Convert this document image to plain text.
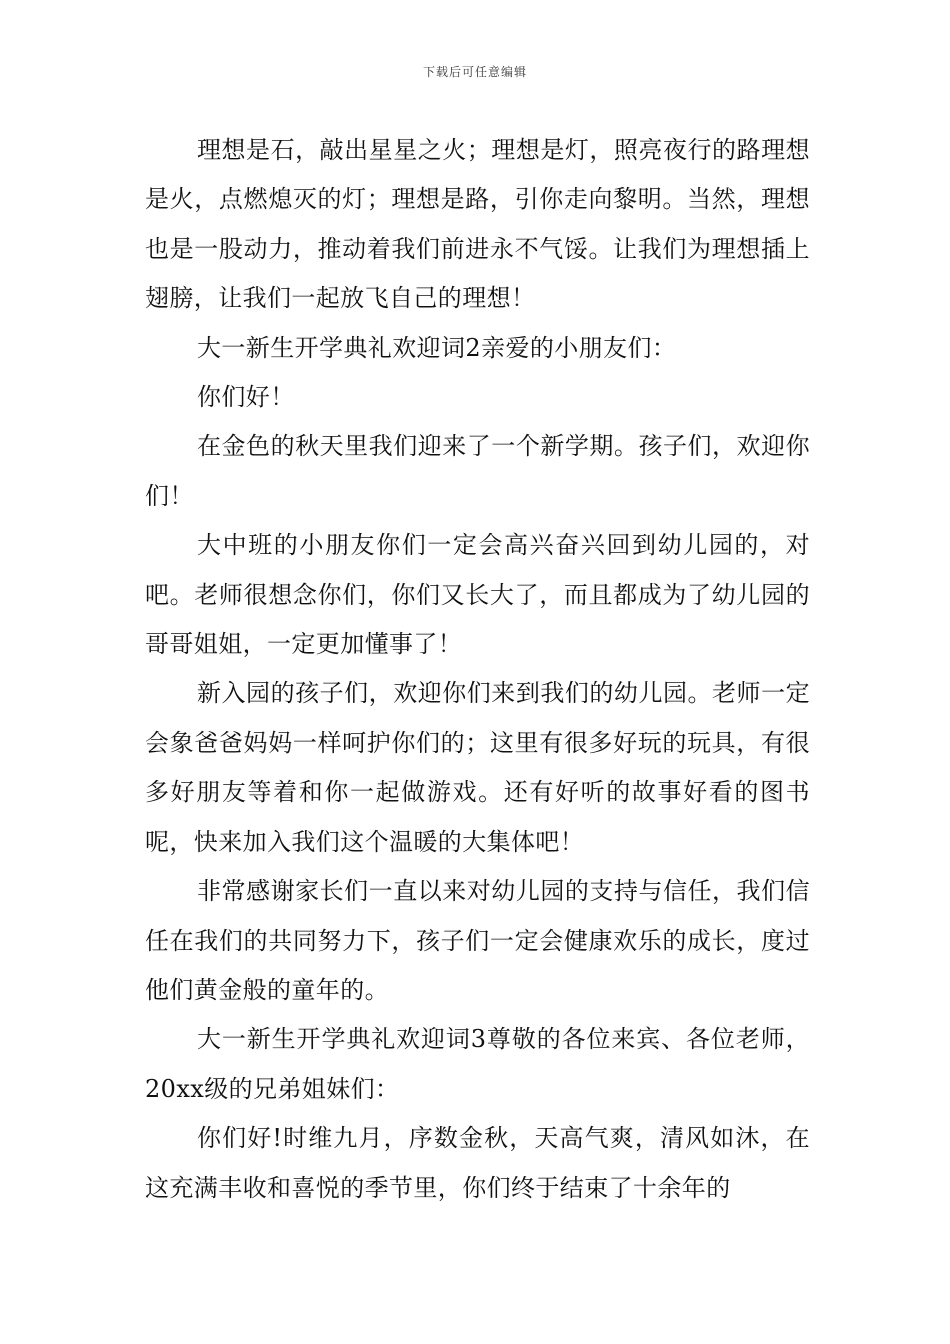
下载后可任意编辑

理想是石，敲出星星之火；理想是灯，照亮夜行的路理想是火，点燃熄灭的灯；理想是路，引你走向黎明。当然，理想也是一股动力，推动着我们前进永不气馁。让我们为理想插上翅膀，让我们一起放飞自己的理想！

大一新生开学典礼欢迎词2亲爱的小朋友们：

你们好！

在金色的秋天里我们迎来了一个新学期。孩子们，欢迎你们！

大中班的小朋友你们一定会高兴奋兴回到幼儿园的，对吧。老师很想念你们，你们又长大了，而且都成为了幼儿园的哥哥姐姐，一定更加懂事了！

新入园的孩子们，欢迎你们来到我们的幼儿园。老师一定会象爸爸妈妈一样呵护你们的；这里有很多好玩的玩具，有很多好朋友等着和你一起做游戏。还有好听的故事好看的图书呢，快来加入我们这个温暖的大集体吧！

非常感谢家长们一直以来对幼儿园的支持与信任，我们信任在我们的共同努力下，孩子们一定会健康欢乐的成长，度过他们黄金般的童年的。

大一新生开学典礼欢迎词3尊敬的各位来宾、各位老师，20xx级的兄弟姐妹们：

你们好!时维九月，序数金秋，天高气爽，清风如沐，在这充满丰收和喜悦的季节里，你们终于结束了十余年的
